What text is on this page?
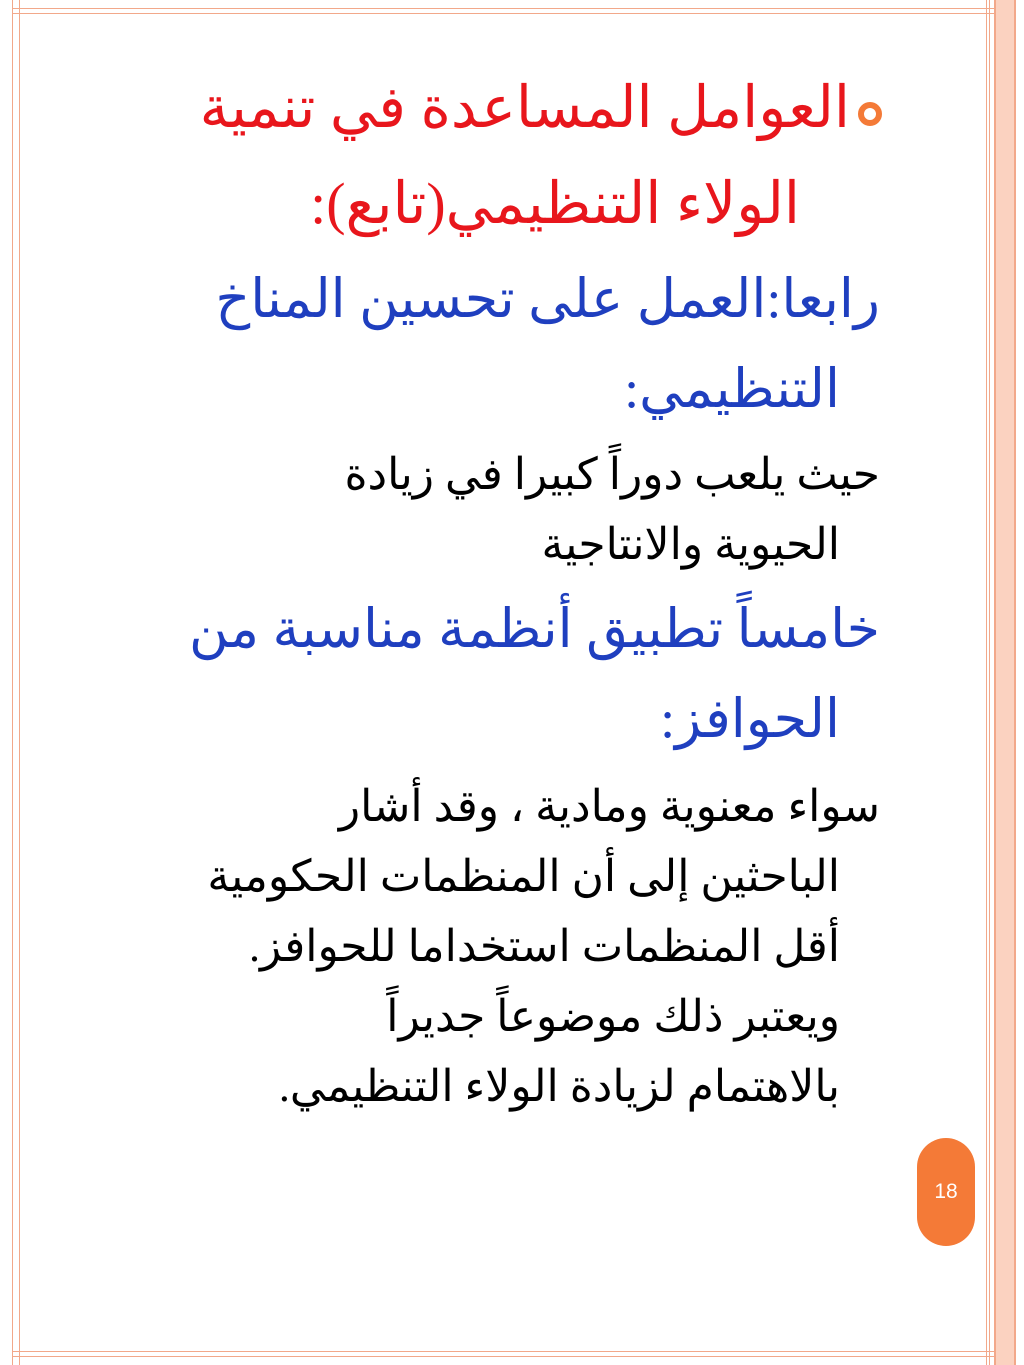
العوامل المساعدة في تنمية
الولاء التنظيمي(تابع):
رابعا:العمل على تحسين المناخ
التنظيمي:

حيث يلعب دوراً كبيرا في زيادة
الحيوية والانتاجية

خامساً تطبيق أنظمة مناسبة من
الحوافز:

سواء معنوية ومادية ، وقد أشار
الباحثين إلى أن المنظمات الحكومية
أقل المنظمات استخداما للحوافز.
ويعتبر ذلك موضوعاً جديراً
بالاهتمام لزيادة الولاء التنظيمي.

18
